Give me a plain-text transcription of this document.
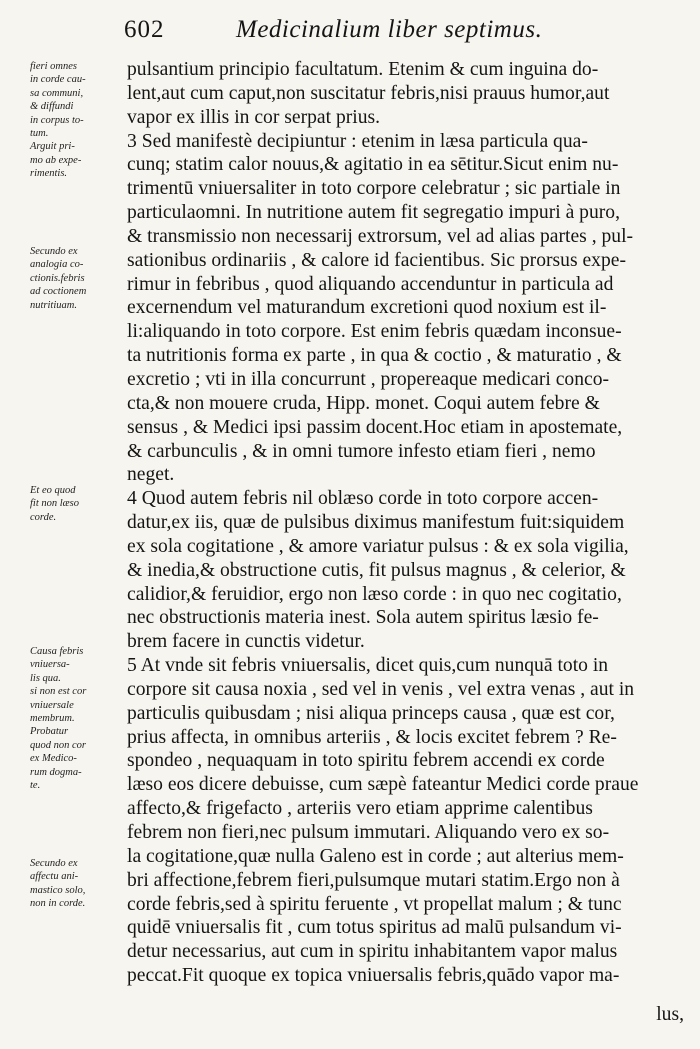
602	Medicinalium liber septimus.
fieri omnes
in corde cau-
sa communi,
& diffundi
in corpus to-
tum.
Arguit pri-
mo ab expe-
rimentis.
Secundo ex
analogia co-
ctionis.febris
ad coctionem
nutritiuam.
Et eo quod
fit non læso
corde.
Causa febris
vniuersa-
lis qua.
si non est cor
vniuersale
membrum.
Probatur
quod non cor
ex Medico-
rum dogma-
te.
Secundo ex
affectu ani-
mastico solo,
non in corde.
pulsantium principio facultatum. Etenim & cum inguina do-
lent,aut cum caput,non suscitatur febris,nisi prauus humor,aut
vapor ex illis in cor serpat prius.
3 Sed manifestè decipiuntur : etenim in læsa particula qua-
cunq; statim calor nouus,& agitatio in ea sētitur.Sicut enim nu-
trimentū vniuersaliter in toto corpore celebratur ; sic partiale in
particulaomni. In nutritione autem fit segregatio impuri à puro,
& transmissio non necessarij extrorsum, vel ad alias partes , pul-
sationibus ordinariis , & calore id facientibus. Sic prorsus expe-
rimur in febribus , quod aliquando accenduntur in particula ad
excernendum vel maturandum excretioni quod noxium est il-
li:aliquando in toto corpore. Est enim febris quædam inconsue-
ta nutritionis forma ex parte , in qua & coctio , & maturatio , &
excretio ; vti in illa concurrunt , propereaque medicari conco-
cta,& non mouere cruda, Hipp. monet. Coqui autem febre &
sensus , & Medici ipsi passim docent.Hoc etiam in apostemate,
& carbunculis , & in omni tumore infesto etiam fieri , nemo
neget.
4 Quod autem febris nil oblæso corde in toto corpore accen-
datur,ex iis, quæ de pulsibus diximus manifestum fuit:siquidem
ex sola cogitatione , & amore variatur pulsus : & ex sola vigilia,
& inedia,& obstructione cutis, fit pulsus magnus , & celerior, &
calidior,& feruidior, ergo non læso corde : in quo nec cogitatio,
nec obstructionis materia inest. Sola autem spiritus læsio fe-
brem facere in cunctis videtur.
5 At vnde sit febris vniuersalis, dicet quis,cum nunquā toto in
corpore sit causa noxia , sed vel in venis , vel extra venas , aut in
particulis quibusdam ; nisi aliqua princeps causa , quæ est cor,
prius affecta, in omnibus arteriis , & locis excitet febrem ? Re-
spondeo , nequaquam in toto spiritu febrem accendi ex corde
læso eos dicere debuisse, cum sæpè fateantur Medici corde praue
affecto,& frigefacto , arteriis vero etiam apprime calentibus
febrem non fieri,nec pulsum immutari. Aliquando vero ex so-
la cogitatione,quæ nulla Galeno est in corde ; aut alterius mem-
bri affectione,febrem fieri,pulsumque mutari statim.Ergo non à
corde febris,sed à spiritu feruente , vt propellat malum ; & tunc
quidē vniuersalis fit , cum totus spiritus ad malū pulsandum vi-
detur necessarius, aut cum in spiritu inhabitantem vapor malus
peccat.Fit quoque ex topica vniuersalis febris,quādo vapor ma-
lus,
